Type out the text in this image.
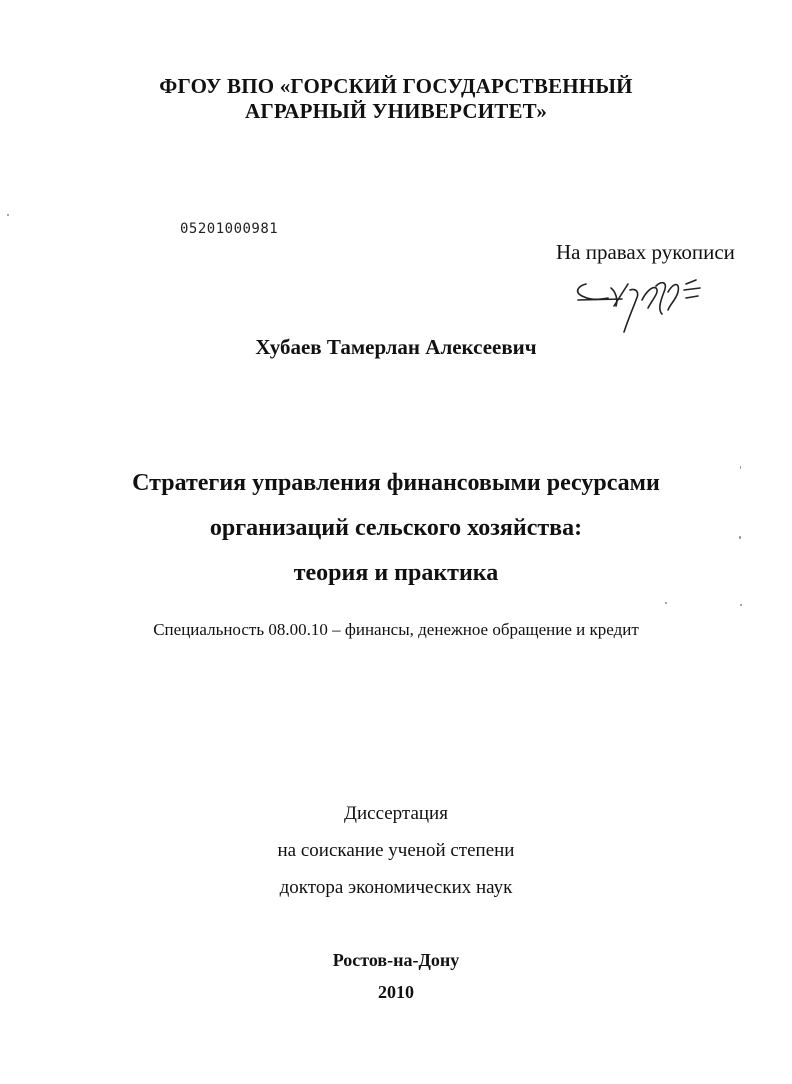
ФГОУ ВПО «ГОРСКИЙ ГОСУДАРСТВЕННЫЙ
АГРАРНЫЙ УНИВЕРСИТЕТ»
05201000981
На правах рукописи
Хубаев Тамерлан Алексеевич
Стратегия управления финансовыми ресурсами
организаций сельского хозяйства:
теория и практика
Специальность 08.00.10 – финансы, денежное обращение и кредит
Диссертация
на соискание ученой степени
доктора экономических наук
Ростов-на-Дону
2010
